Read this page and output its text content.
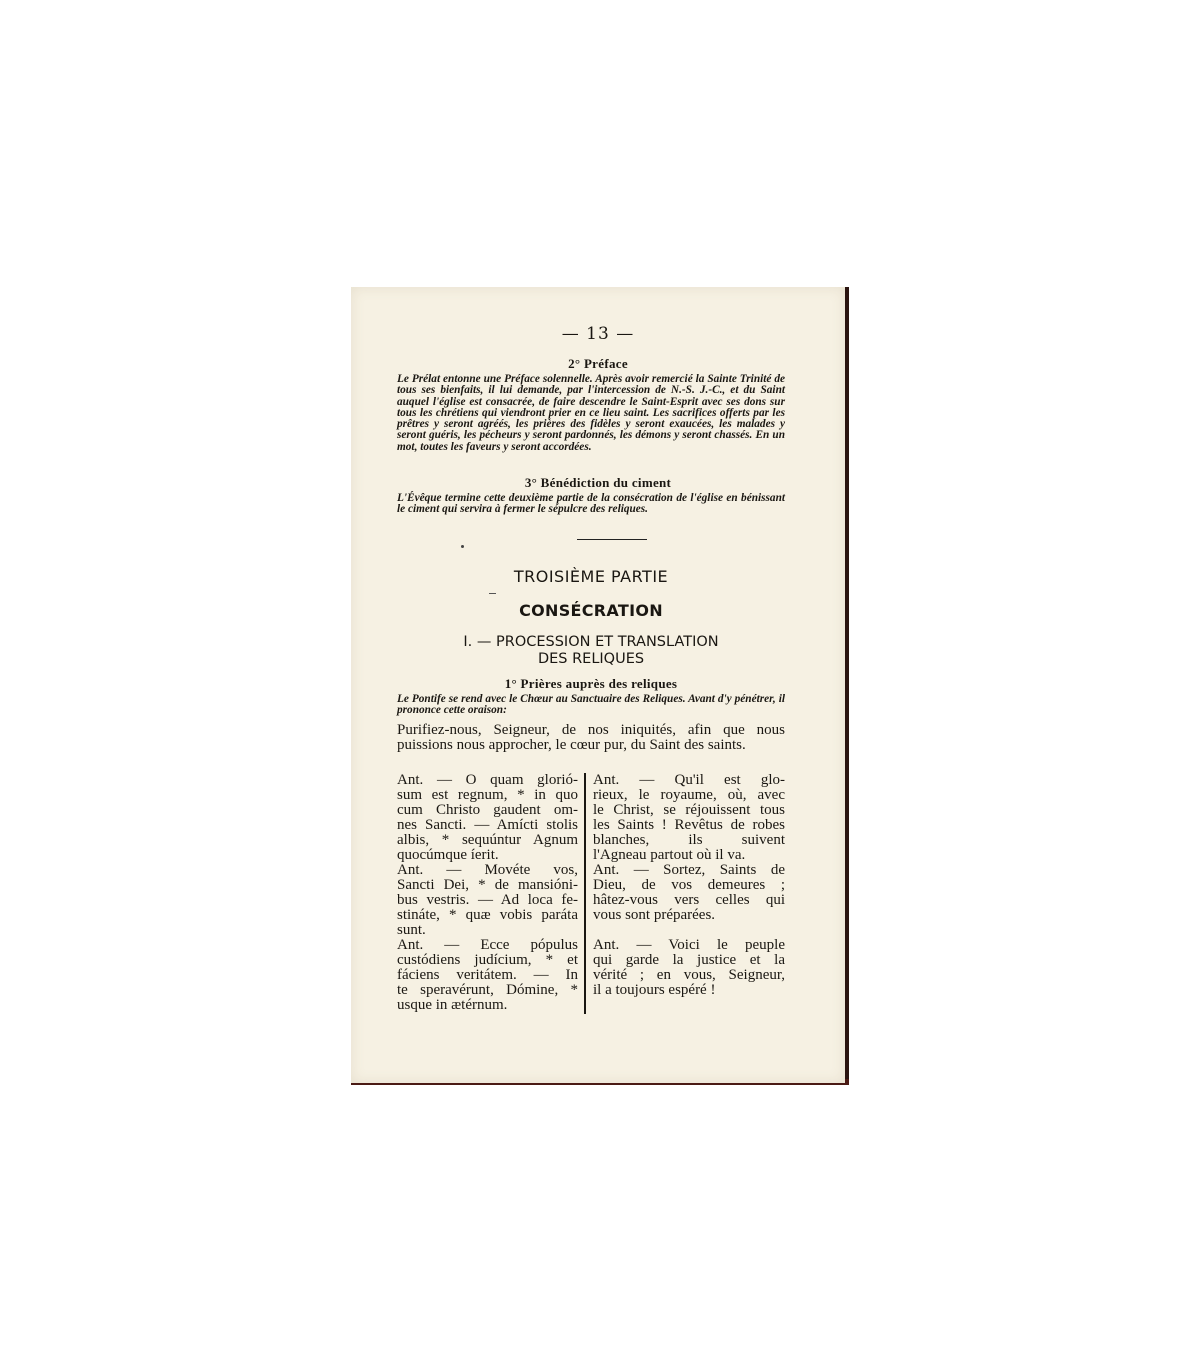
— 13 —

2° Préface

Le Prélat entonne une Préface solennelle. Après avoir remercié la Sainte Trinité de tous ses bienfaits, il lui demande, par l'intercession de N.-S. J.-C., et du Saint auquel l'église est consacrée, de faire descendre le Saint-Esprit avec ses dons sur tous les chrétiens qui viendront prier en ce lieu saint. Les sacrifices offerts par les prêtres y seront agréés, les prières des fidèles y seront exaucées, les malades y seront guéris, les pécheurs y seront pardonnés, les démons y seront chassés. En un mot, toutes les faveurs y seront accordées.

3° Bénédiction du ciment

L'Évêque termine cette deuxième partie de la consécration de l'église en bénissant le ciment qui servira à fermer le sépulcre des reliques.

TROISIÈME PARTIE

CONSÉCRATION

I. — PROCESSION ET TRANSLATION

DES RELIQUES

1° Prières auprès des reliques

Le Pontife se rend avec le Chœur au Sanctuaire des Reliques. Avant d'y pénétrer, il prononce cette oraison:

Purifiez-nous, Seigneur, de nos iniquités, afin que nous puissions nous approcher, le cœur pur, du Saint des saints.

Ant. — O quam glorió-
sum est regnum, * in quo
cum Christo gaudent om-
nes Sancti. — Amícti stolis
albis, * sequúntur Agnum
quocúmque íerit.
Ant. — Movéte vos,
Sancti Dei, * de mansióni-
bus vestris. — Ad loca fe-
stináte, * quæ vobis paráta
sunt.
Ant. — Ecce pópulus
custódiens judícium, * et
fáciens veritátem. — In
te speravérunt, Dómine, *
usque in ætérnum.
Ant. — Qu'il est glo-
rieux, le royaume, où, avec
le Christ, se réjouissent tous
les Saints ! Revêtus de robes
blanches, ils suivent
l'Agneau partout où il va.
Ant. — Sortez, Saints de
Dieu, de vos demeures ;
hâtez-vous vers celles qui
vous sont préparées.
Ant. — Voici le peuple
qui garde la justice et la
vérité ; en vous, Seigneur,
il a toujours espéré !
